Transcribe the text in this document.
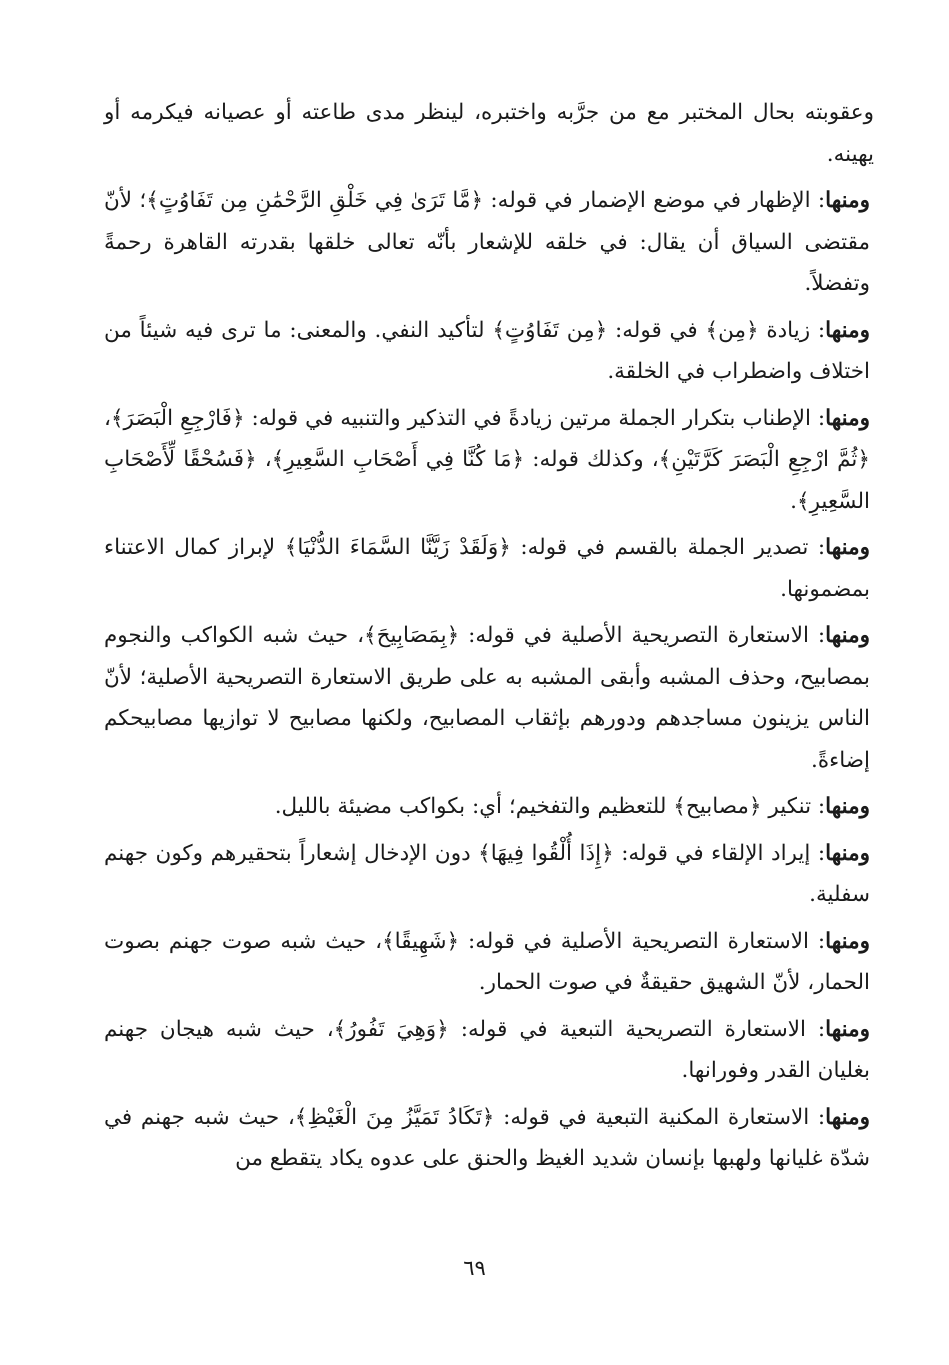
وعقوبته بحال المختبر مع من جرَّبه واختبره، لينظر مدى طاعته أو عصيانه فيكرمه أو يهينه.

ومنها: الإظهار في موضع الإضمار في قوله: ﴿مَّا تَرَىٰ فِي خَلْقِ الرَّحْمَٰنِ مِن تَفَاوُتٍ﴾؛ لأنّ مقتضى السياق أن يقال: في خلقه للإشعار بأنّه تعالى خلقها بقدرته القاهرة رحمةً وتفضلاً.

ومنها: زيادة ﴿مِن﴾ في قوله: ﴿مِن تَفَاوُتٍ﴾ لتأكيد النفي. والمعنى: ما ترى فيه شيئاً من اختلاف واضطراب في الخلقة.

ومنها: الإطناب بتكرار الجملة مرتين زيادةً في التذكير والتنبيه في قوله: ﴿فَارْجِعِ الْبَصَرَ﴾، ﴿ثُمَّ ارْجِعِ الْبَصَرَ كَرَّتَيْنِ﴾، وكذلك قوله: ﴿مَا كُنَّا فِي أَصْحَابِ السَّعِيرِ﴾، ﴿فَسُحْقًا لِّأَصْحَابِ السَّعِيرِ﴾.

ومنها: تصدير الجملة بالقسم في قوله: ﴿وَلَقَدْ زَيَّنَّا السَّمَاءَ الدُّنْيَا﴾ لإبراز كمال الاعتناء بمضمونها.

ومنها: الاستعارة التصريحية الأصلية في قوله: ﴿بِمَصَابِيحَ﴾، حيث شبه الكواكب والنجوم بمصابيح، وحذف المشبه وأبقى المشبه به على طريق الاستعارة التصريحية الأصلية؛ لأنّ الناس يزينون مساجدهم ودورهم بإثقاب المصابيح، ولكنها مصابيح لا توازيها مصابيحكم إضاءةً.

ومنها: تنكير ﴿مصابيح﴾ للتعظيم والتفخيم؛ أي: بكواكب مضيئة بالليل.

ومنها: إيراد الإلقاء في قوله: ﴿إِذَا أُلْقُوا فِيهَا﴾ دون الإدخال إشعاراً بتحقيرهم وكون جهنم سفلية.

ومنها: الاستعارة التصريحية الأصلية في قوله: ﴿شَهِيقًا﴾، حيث شبه صوت جهنم بصوت الحمار، لأنّ الشهيق حقيقةٌ في صوت الحمار.

ومنها: الاستعارة التصريحية التبعية في قوله: ﴿وَهِيَ تَفُورُ﴾، حيث شبه هيجان جهنم بغليان القدر وفورانها.

ومنها: الاستعارة المكنية التبعية في قوله: ﴿تَكَادُ تَمَيَّزُ مِنَ الْغَيْظِ﴾، حيث شبه جهنم في شدّة غليانها ولهبها بإنسان شديد الغيظ والحنق على عدوه يكاد يتقطع من

٦٩
